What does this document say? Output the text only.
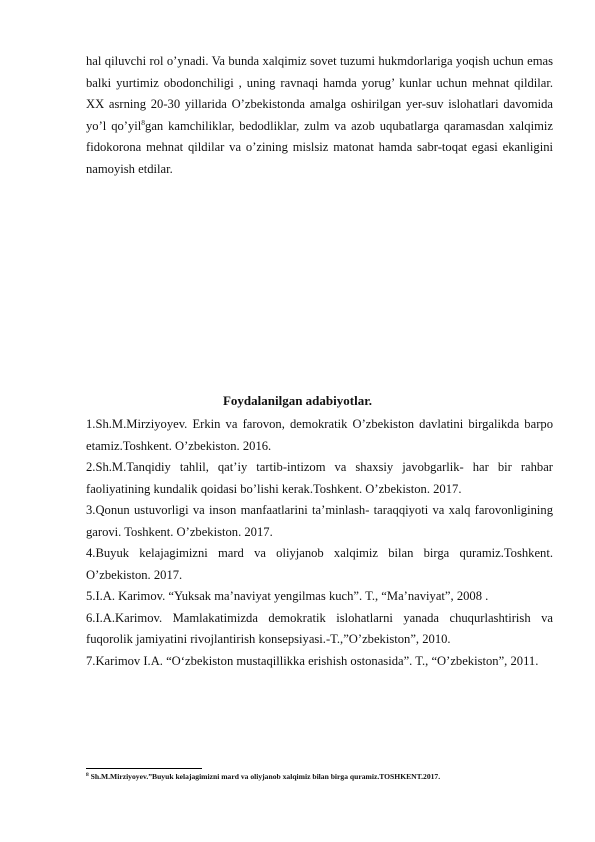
hal qiluvchi rol o’ynadi. Va bunda xalqimiz sovet tuzumi hukmdorlariga yoqish uchun emas balki yurtimiz obodonchiligi , uning ravnaqi hamda yorug’ kunlar uchun mehnat qildilar. XX asrning 20-30 yillarida O’zbekistonda amalga oshirilgan yer-suv islohatlari davomida yo’l qo’yil$^8$gan kamchiliklar, bedodliklar, zulm va azob uqubatlarga qaramasdan xalqimiz fidokorona mehnat qildilar va o’zining mislsiz matonat hamda sabr-toqat egasi ekanligini namoyish etdilar.

Foydalanilgan adabiyotlar.

1.Sh.M.Mirziyoyev. Erkin va farovon, demokratik O’zbekiston davlatini birgalikda barpo etamiz.Toshkent. O’zbekiston. 2016.

2.Sh.M.Tanqidiy tahlil, qat’iy tartib-intizom va shaxsiy javobgarlik- har bir rahbar faoliyatining kundalik qoidasi bo’lishi kerak.Toshkent. O’zbekiston. 2017.

3.Qonun ustuvorligi va inson manfaatlarini ta’minlash- taraqqiyoti va xalq farovonligining garovi. Toshkent. O’zbekiston. 2017.

4.Buyuk kelajagimizni mard va oliyjanob xalqimiz bilan birga quramiz.Toshkent. O’zbekiston. 2017.

5.I.A. Karimov. “Yuksak ma’naviyat yengilmas kuch”. T., “Ma’naviyat”, 2008 .

6.I.A.Karimov. Mamlakatimizda demokratik islohatlarni yanada chuqurlashtirish va fuqorolik jamiyatini rivojlantirish konsepsiyasi.-T.,”O’zbekiston”, 2010.

7.Karimov I.A. “O‘zbekiston mustaqillikka erishish ostonasida”. T., “O’zbekiston”, 2011.

$^8$ Sh.M.Mirziyoyev.”Buyuk kelajagimizni mard va oliyjanob xalqimiz bilan birga quramiz.TOSHKENT.2017.
